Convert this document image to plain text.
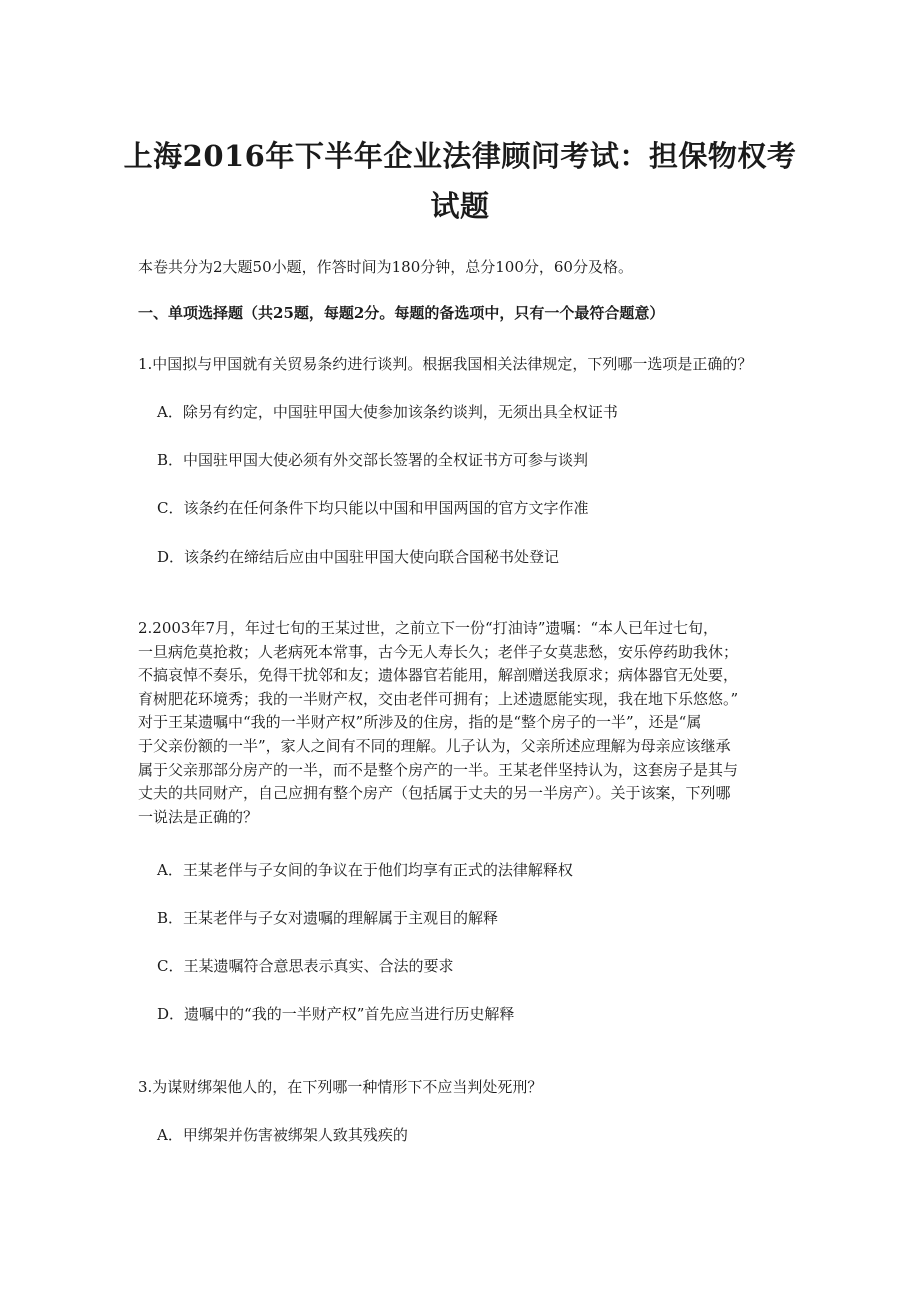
上海2016年下半年企业法律顾问考试：担保物权考
试题
本卷共分为2大题50小题，作答时间为180分钟，总分100分，60分及格。
一、单项选择题（共25题，每题2分。每题的备选项中，只有一个最符合题意）
1.中国拟与甲国就有关贸易条约进行谈判。根据我国相关法律规定，下列哪一选项是正确的？
A．除另有约定，中国驻甲国大使参加该条约谈判，无须出具全权证书
B．中国驻甲国大使必须有外交部长签署的全权证书方可参与谈判
C．该条约在任何条件下均只能以中国和甲国两国的官方文字作准
D．该条约在缔结后应由中国驻甲国大使向联合国秘书处登记
2.2003年7月，年过七旬的王某过世，之前立下一份“打油诗”遗嘱：“本人已年过七旬，
一旦病危莫抢救；人老病死本常事，古今无人寿长久；老伴子女莫悲愁，安乐停药助我休；
不搞哀悼不奏乐，免得干扰邻和友；遗体器官若能用，解剖赠送我原求；病体器官无处要，
育树肥花环境秀；我的一半财产权，交由老伴可拥有；上述遗愿能实现，我在地下乐悠悠。”
对于王某遗嘱中“我的一半财产权”所涉及的住房，指的是“整个房子的一半”，还是“属
于父亲份额的一半”，家人之间有不同的理解。儿子认为，父亲所述应理解为母亲应该继承
属于父亲那部分房产的一半，而不是整个房产的一半。王某老伴坚持认为，这套房子是其与
丈夫的共同财产，自己应拥有整个房产（包括属于丈夫的另一半房产）。关于该案，下列哪
一说法是正确的？
A．王某老伴与子女间的争议在于他们均享有正式的法律解释权
B．王某老伴与子女对遗嘱的理解属于主观目的解释
C．王某遗嘱符合意思表示真实、合法的要求
D．遗嘱中的“我的一半财产权”首先应当进行历史解释
3.为谋财绑架他人的，在下列哪一种情形下不应当判处死刑？
A．甲绑架并伤害被绑架人致其残疾的
